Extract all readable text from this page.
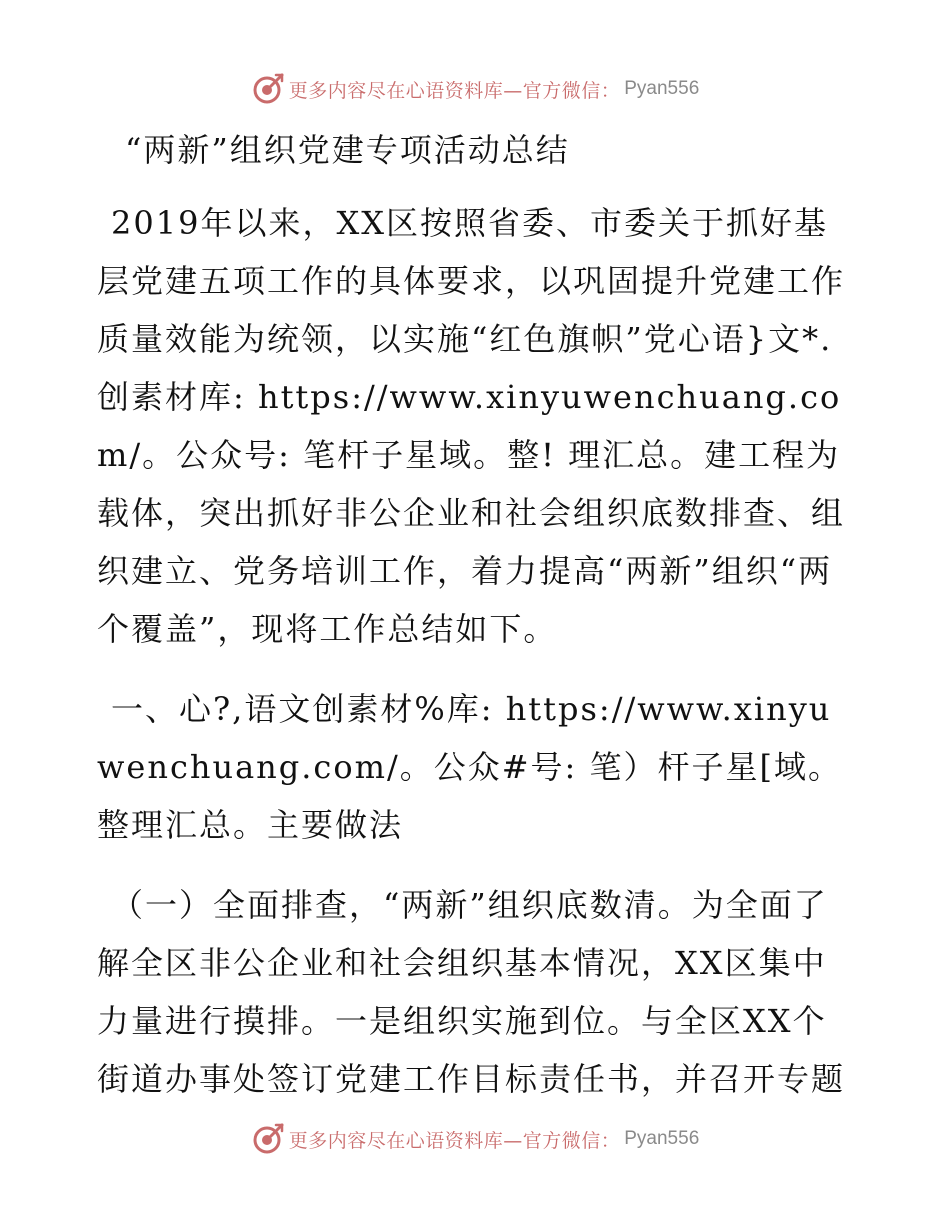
更多内容尽在心语资料库—官方微信： Pyan556
“两新”组织党建专项活动总结

2019年以来，XX区按照省委、市委关于抓好基层党建五项工作的具体要求，以巩固提升党建工作质量效能为统领，以实施“红色旗帜”党心语}文*.创素材库: https://www.xinyuwenchuang.com/。公众号: 笔杆子星域。整! 理汇总。建工程为载体，突出抓好非公企业和社会组织底数排查、组织建立、党务培训工作，着力提高“两新”组织“两个覆盖”，现将工作总结如下。

一、心?,语文创素材%库: https://www.xinyuwenchuang.com/。公众#号: 笔）杆子星[域。整理汇总。主要做法

（一）全面排查，“两新”组织底数清。为全面了解全区非公企业和社会组织基本情况，XX区集中力量进行摸排。一是组织实施到位。与全区XX个街道办事处签订党建工作目标责任书，并召开专题

更多内容尽在心语资料库—官方微信： Pyan556
